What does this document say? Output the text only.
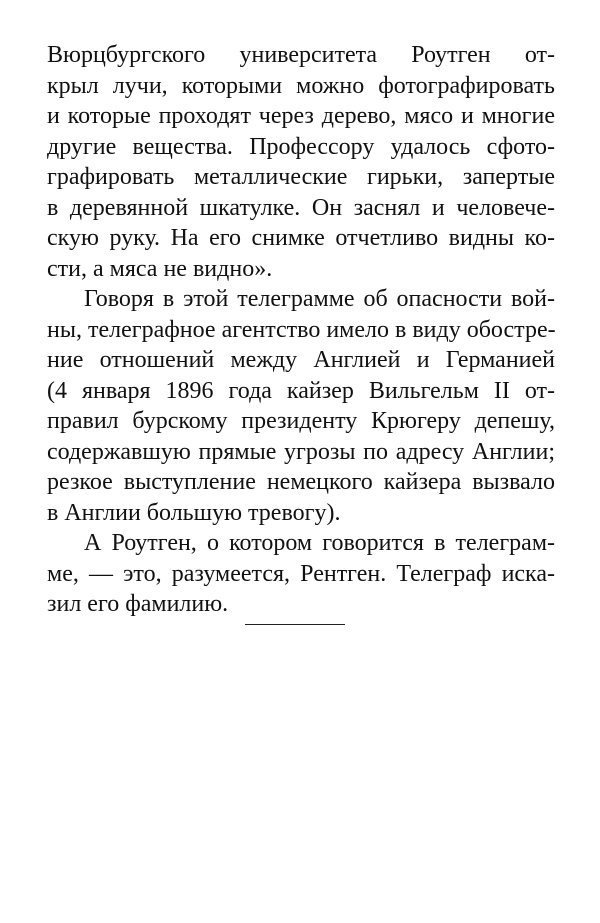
Вюрцбургского университета Роутген от-
крыл лучи, которыми можно фотографировать
и которые проходят через дерево, мясо и многие
другие вещества. Профессору удалось сфото-
графировать металлические гирьки, запертые
в деревянной шкатулке. Он заснял и человече-
скую руку. На его снимке отчетливо видны ко-
сти, а мяса не видно».
Говоря в этой телеграмме об опасности вой-
ны, телеграфное агентство имело в виду обостре-
ние отношений между Англией и Германией
(4 января 1896 года кайзер Вильгельм II от-
правил бурскому президенту Крюгеру депешу,
содержавшую прямые угрозы по адресу Англии;
резкое выступление немецкого кайзера вызвало
в Англии большую тревогу).
А Роутген, о котором говорится в телеграм-
ме, — это, разумеется, Рентген. Телеграф иска-
зил его фамилию.
